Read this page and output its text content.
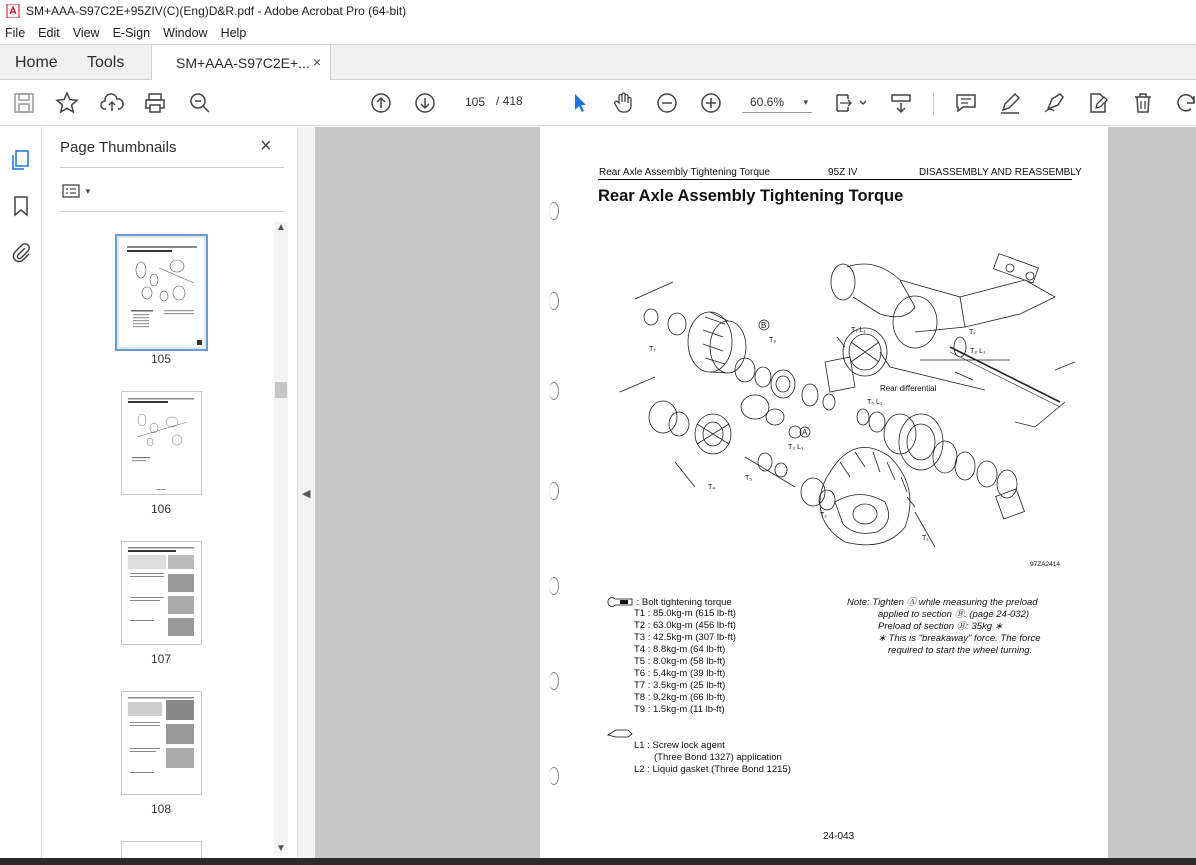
SM+AAA-S97C2E+95ZIV(C)(Eng)D&R.pdf - Adobe Acrobat Pro (64-bit)
File Edit View E-Sign Window Help
Home Tools	SM+AAA-S97C2E+... ×
105 / 418	60.6% ▾
Page Thumbnails	×
▾
105
106
107
108
▲
▼
◀
Rear Axle Assembly Tightening Torque	95Z IV	DISASSEMBLY AND REASSEMBLY
Rear Axle Assembly Tightening Torque
B
A
T₇
T₉
T₇ L₁	T₇
T₈ L₁
T₅ L₁
T₃ L₁
T₄
T₅
T₂
T₁
Rear differential
97ZA2414
: Bolt tightening torque
T1 : 85.0kg-m (615 lb-ft)
T2 : 63.0kg-m (456 lb-ft)
T3 : 42.5kg-m (307 lb-ft)
T4 : 8.8kg-m (64 lb-ft)
T5 : 8.0kg-m (58 lb-ft)
T6 : 5.4kg-m (39 lb-ft)
T7 : 3.5kg-m (25 lb-ft)
T8 : 9.2kg-m (66 lb-ft)
T9 : 1.5kg-m (11 lb-ft)
Note: Tighten Ⓐ while measuring the preload
applied to section Ⓑ. (page 24-032)
Preload of section Ⓑ: 35kg ∗
∗ This is "breakaway" force. The force
required to start the wheel turning.
L1 : Screw lock agent
(Three Bond 1327) application
L2 : Liquid gasket (Three Bond 1215)
24-043
